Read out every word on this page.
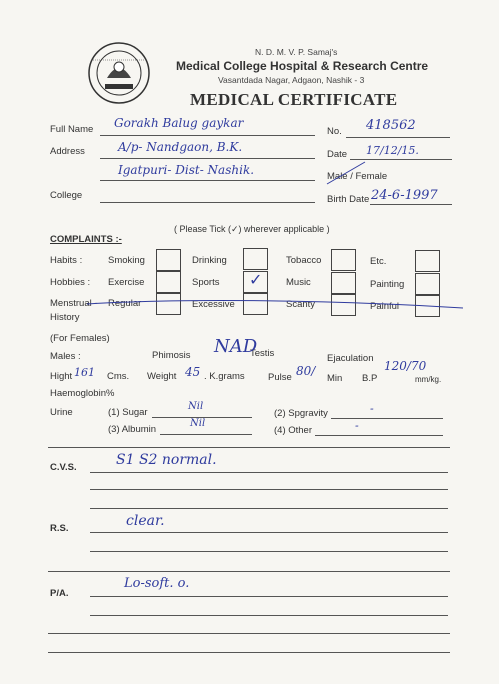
N. D. M. V. P. Samaj's
Medical College Hospital & Research Centre
Vasantdada Nagar, Adgaon, Nashik - 3
MEDICAL CERTIFICATE
Full Name Gorakh Balug gaykar
No. 418562
Address	A/p- Nandgaon, B.K.
Date 17/12/15.
Igatpuri- Dist- Nashik.	Male / Female
College	Birth Date 24-6-1997
( Please Tick (✓) wherever applicable )
COMPLAINTS :-
Habits :	Smoking	Drinking	Tobacco	Etc.
Hobbies : Exercise	Sports ✓ Music	Painting
Menstrual - Regular	Excessive	Scanty	Painful
History
(For Females)
Males :	Phimosis	Testis	Ejaculation
NAD
Hight 161 Cms. Weight 45 . K.grams Pulse 80/
Min B.P
120/70
mm/kg.
Haemoglobin%
Urine	(1) Sugar
Nil
(2) Spgravity	-
(3) Albumin
Nil
(4) Other	-
C.V.S.	S1 S2 normal.
R.S.	clear.
P/A.
Lo-soft. o.
